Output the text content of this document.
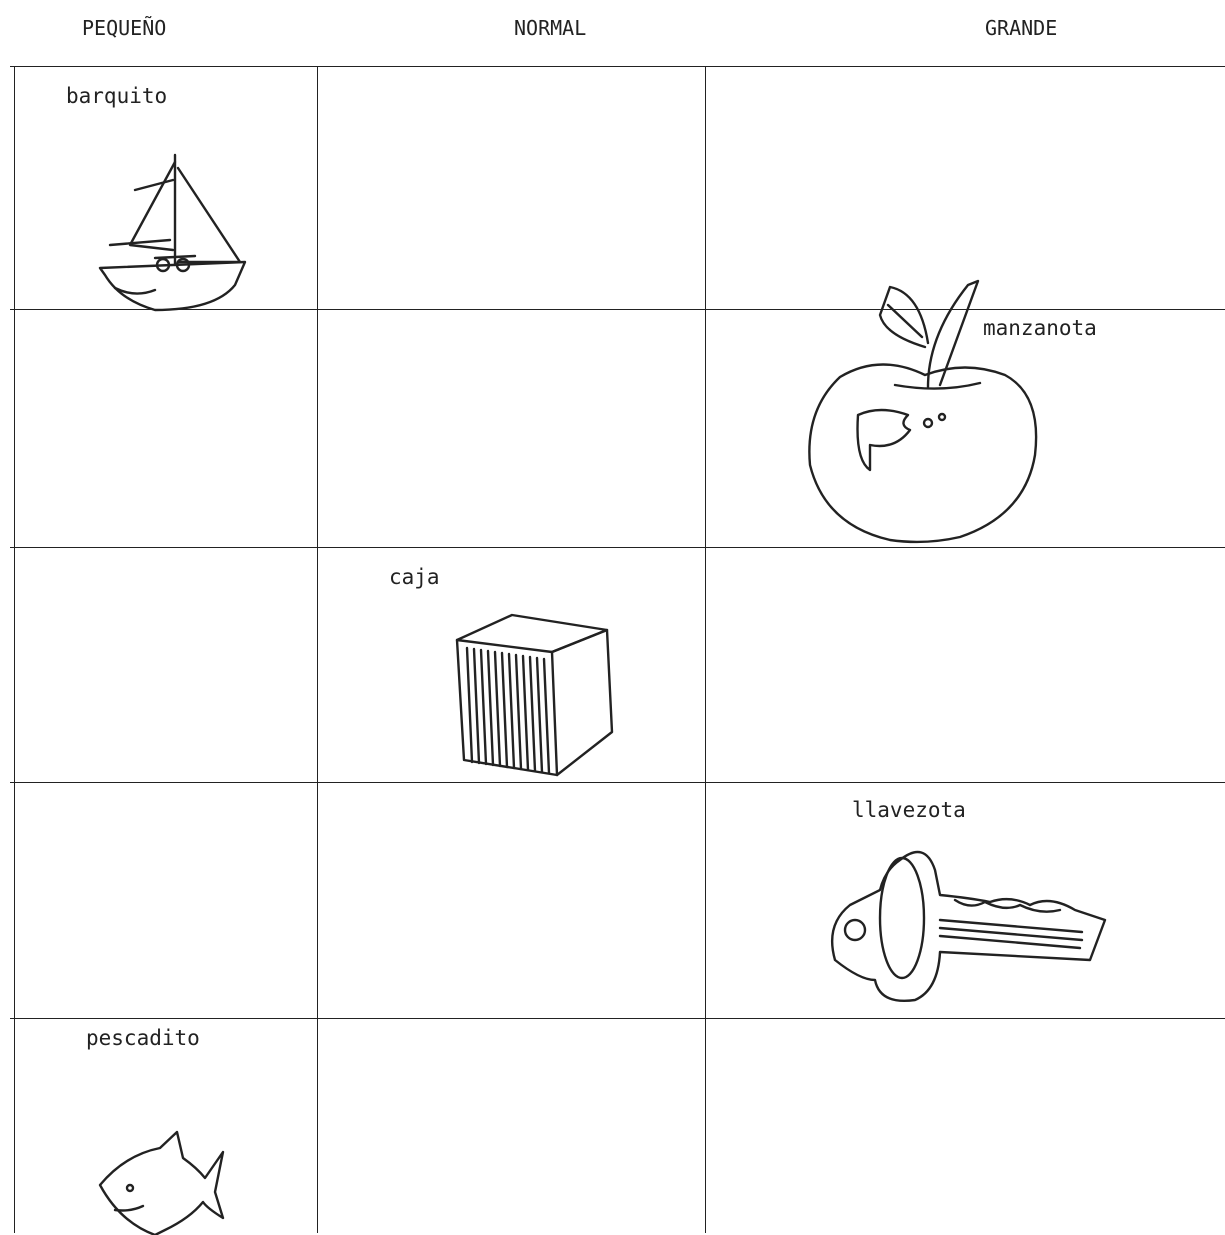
PEQUEÑO	NORMAL	GRANDE
barquito
manzanota
caja
llavezota
pescadito
